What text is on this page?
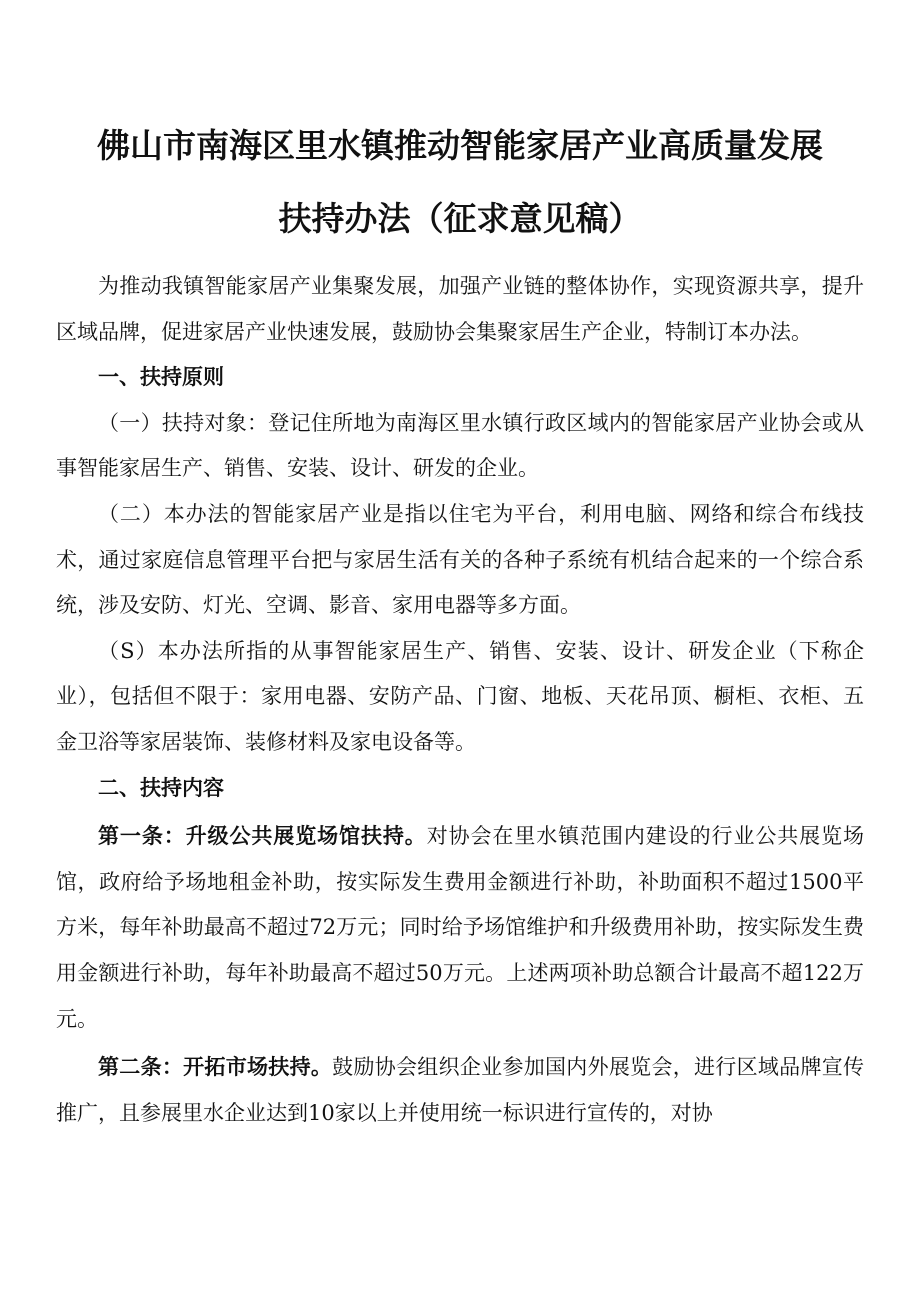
佛山市南海区里水镇推动智能家居产业高质量发展
扶持办法（征求意见稿）

为推动我镇智能家居产业集聚发展，加强产业链的整体协作，实现资源共享，提升区域品牌，促进家居产业快速发展，鼓励协会集聚家居生产企业，特制订本办法。

一、扶持原则

（一）扶持对象：登记住所地为南海区里水镇行政区域内的智能家居产业协会或从事智能家居生产、销售、安装、设计、研发的企业。

（二）本办法的智能家居产业是指以住宅为平台，利用电脑、网络和综合布线技术，通过家庭信息管理平台把与家居生活有关的各种子系统有机结合起来的一个综合系统，涉及安防、灯光、空调、影音、家用电器等多方面。

（S）本办法所指的从事智能家居生产、销售、安装、设计、研发企业（下称企业），包括但不限于：家用电器、安防产品、门窗、地板、天花吊顶、橱柜、衣柜、五金卫浴等家居装饰、装修材料及家电设备等。

二、扶持内容

第一条：升级公共展览场馆扶持。对协会在里水镇范围内建设的行业公共展览场馆，政府给予场地租金补助，按实际发生费用金额进行补助，补助面积不超过1500平方米，每年补助最高不超过72万元；同时给予场馆维护和升级费用补助，按实际发生费用金额进行补助，每年补助最高不超过50万元。上述两项补助总额合计最高不超122万元。

第二条：开拓市场扶持。鼓励协会组织企业参加国内外展览会，进行区域品牌宣传推广，且参展里水企业达到10家以上并使用统一标识进行宣传的，对协
